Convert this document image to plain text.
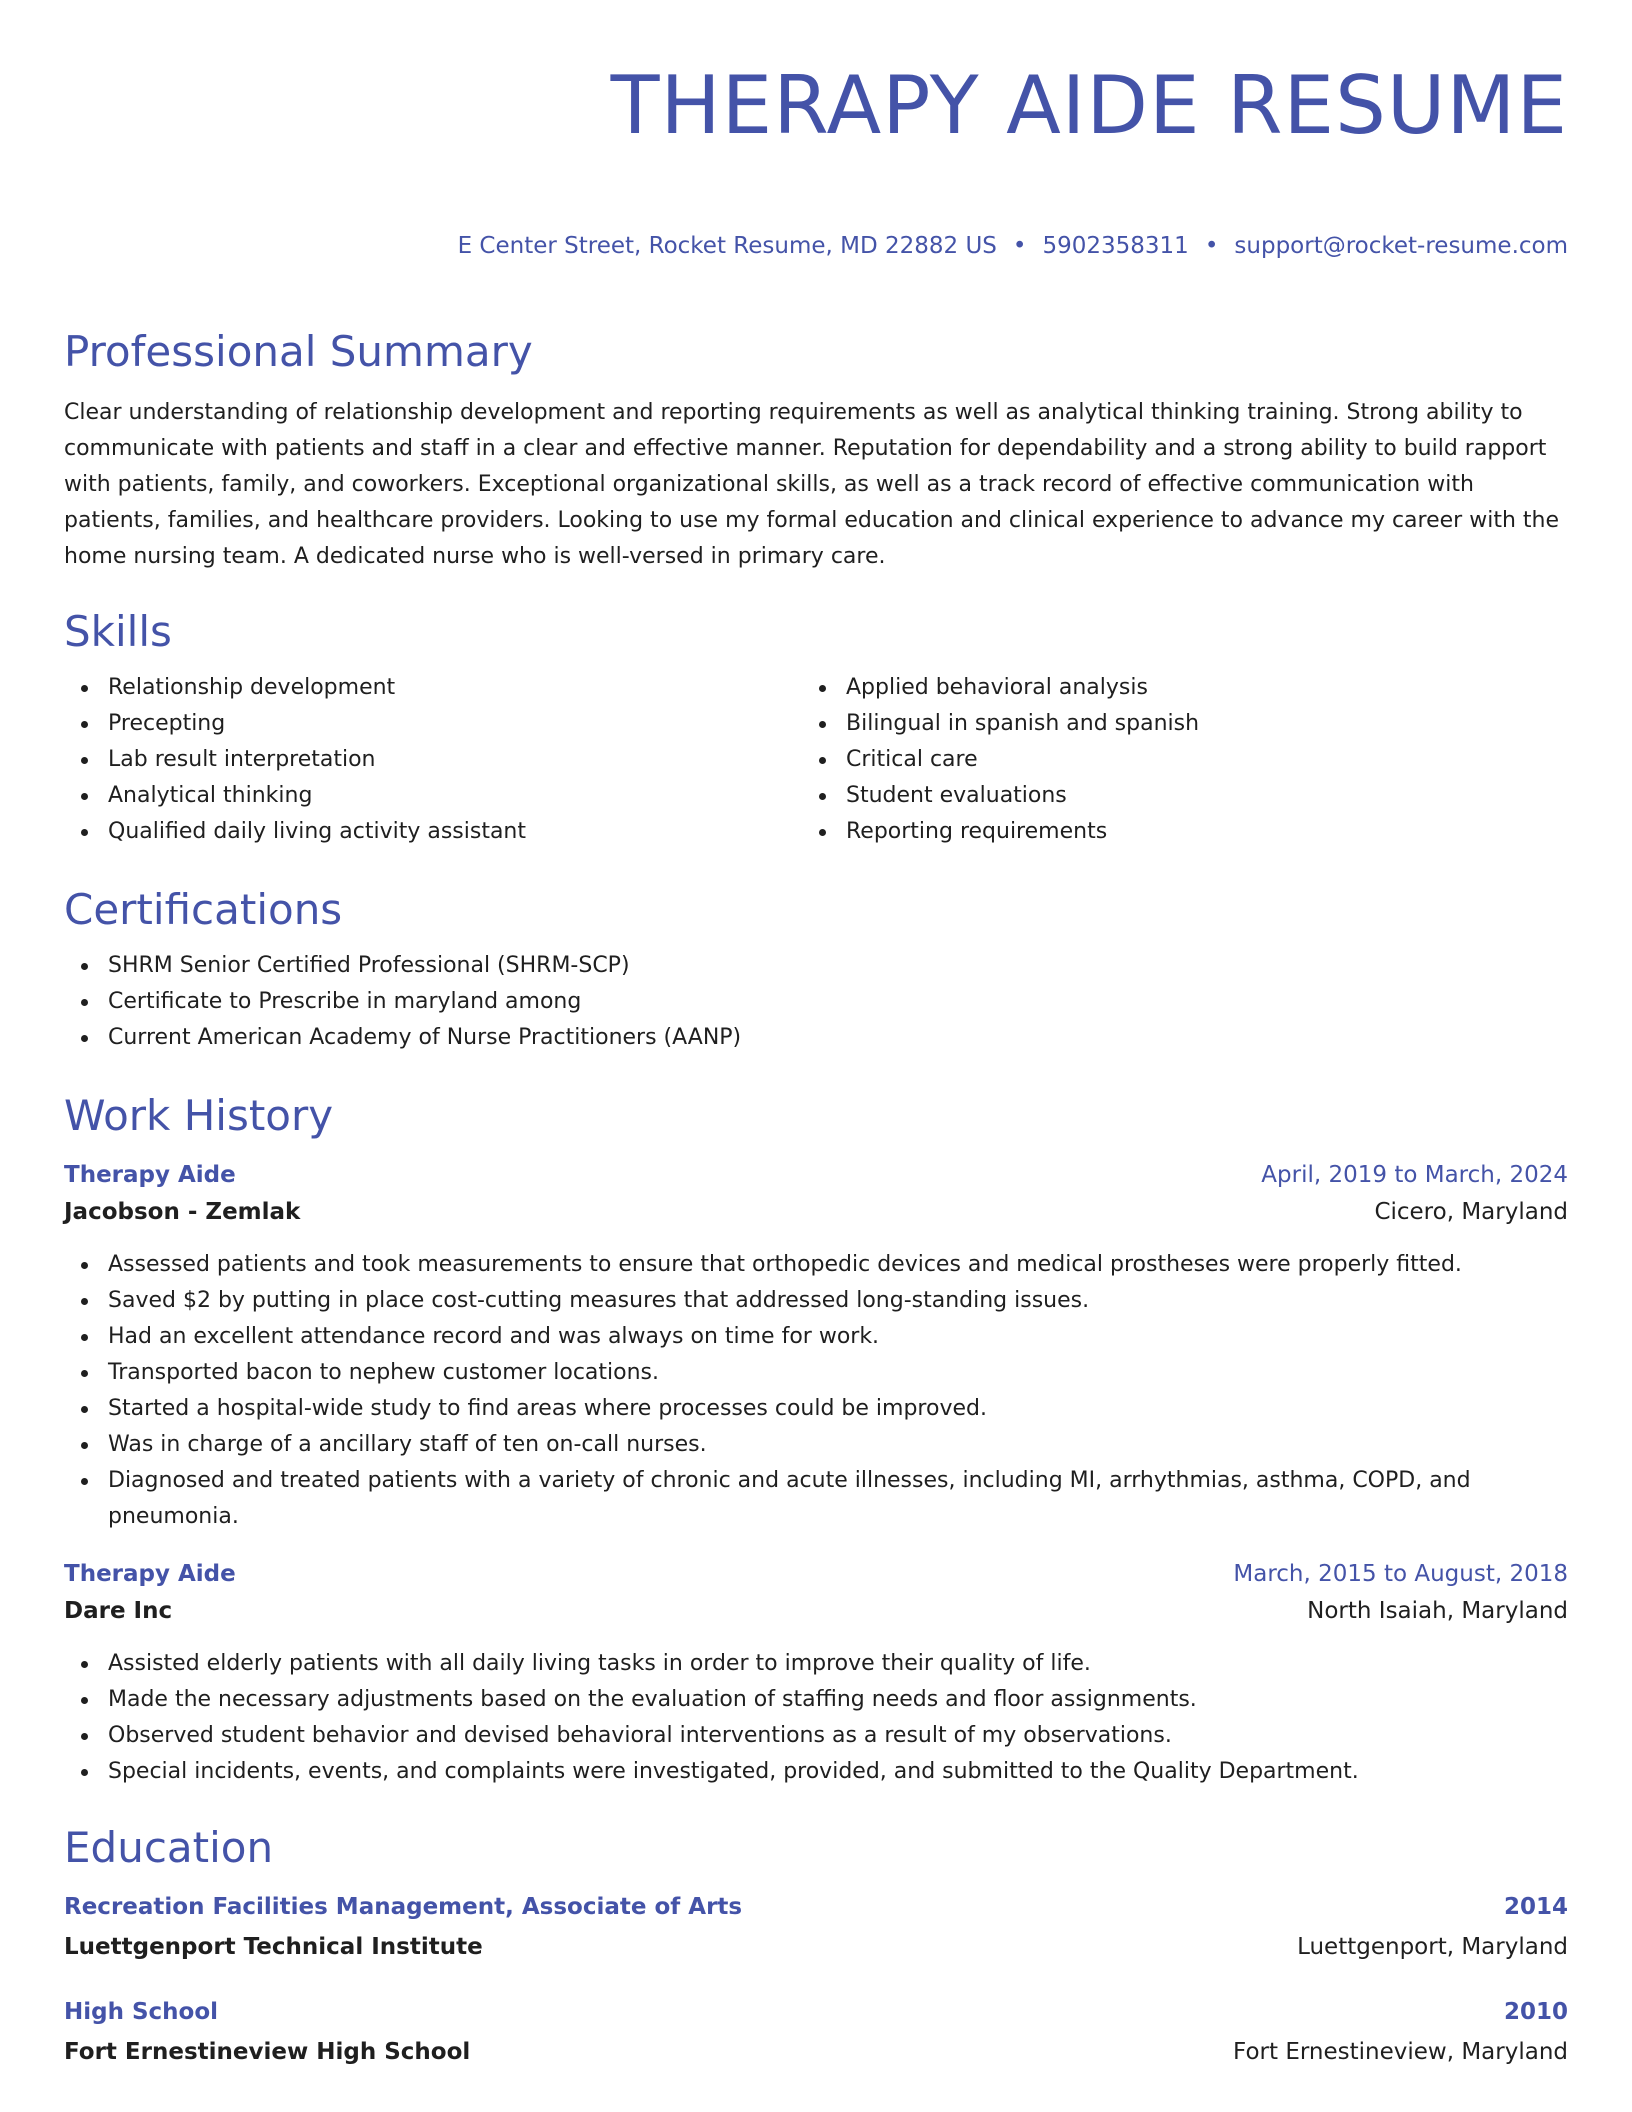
THERAPY AIDE RESUME
E Center Street, Rocket Resume, MD 22882 US • 5902358311 • support@rocket-resume.com
Professional Summary

Clear understanding of relationship development and reporting requirements as well as analytical thinking training. Strong ability to communicate with patients and staff in a clear and effective manner. Reputation for dependability and a strong ability to build rapport with patients, family, and coworkers. Exceptional organizational skills, as well as a track record of effective communication with patients, families, and healthcare providers. Looking to use my formal education and clinical experience to advance my career with the home nursing team. A dedicated nurse who is well-versed in primary care.

Skills
Relationship development
Precepting
Lab result interpretation
Analytical thinking
Qualified daily living activity assistant
Applied behavioral analysis
Bilingual in spanish and spanish
Critical care
Student evaluations
Reporting requirements
Certifications
SHRM Senior Certified Professional (SHRM-SCP)
Certificate to Prescribe in maryland among
Current American Academy of Nurse Practitioners (AANP)
Work History
Therapy Aide	April, 2019 to March, 2024
Jacobson - Zemlak	Cicero, Maryland
Assessed patients and took measurements to ensure that orthopedic devices and medical prostheses were properly fitted.
Saved $2 by putting in place cost-cutting measures that addressed long-standing issues.
Had an excellent attendance record and was always on time for work.
Transported bacon to nephew customer locations.
Started a hospital-wide study to find areas where processes could be improved.
Was in charge of a ancillary staff of ten on-call nurses.
Diagnosed and treated patients with a variety of chronic and acute illnesses, including MI, arrhythmias, asthma, COPD, and pneumonia.
Therapy Aide	March, 2015 to August, 2018
Dare Inc	North Isaiah, Maryland
Assisted elderly patients with all daily living tasks in order to improve their quality of life.
Made the necessary adjustments based on the evaluation of staffing needs and floor assignments.
Observed student behavior and devised behavioral interventions as a result of my observations.
Special incidents, events, and complaints were investigated, provided, and submitted to the Quality Department.
Education
Recreation Facilities Management, Associate of Arts	2014
Luettgenport Technical Institute	Luettgenport, Maryland
High School	2010
Fort Ernestineview High School	Fort Ernestineview, Maryland
